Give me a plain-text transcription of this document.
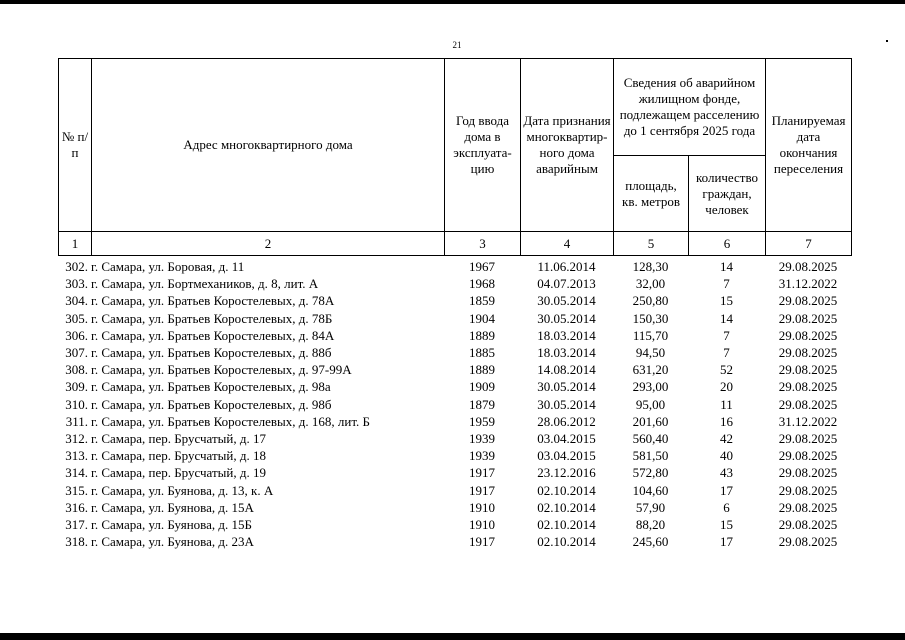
21
№ п/п	Адрес многоквартирного дома	Год ввода дома в эксплуата-цию	Дата признания многоквартир-ного дома аварийным	Сведения об аварийном жилищном фонде, подлежащем расселению до 1 сентября 2025 года		Планируемая дата окончания переселения
				площадь, кв. метров	количество граждан, человек	
1	2	3	4	5	6	7
302.	г. Самара, ул. Боровая, д. 11	1967	11.06.2014	128,30	14	29.08.2025
303.	г. Самара, ул. Бортмехаников, д. 8, лит. А	1968	04.07.2013	32,00	7	31.12.2022
304.	г. Самара, ул. Братьев Коростелевых, д. 78А	1859	30.05.2014	250,80	15	29.08.2025
305.	г. Самара, ул. Братьев Коростелевых, д. 78Б	1904	30.05.2014	150,30	14	29.08.2025
306.	г. Самара, ул. Братьев Коростелевых, д. 84А	1889	18.03.2014	115,70	7	29.08.2025
307.	г. Самара, ул. Братьев Коростелевых, д. 88б	1885	18.03.2014	94,50	7	29.08.2025
308.	г. Самара, ул. Братьев Коростелевых, д. 97-99А	1889	14.08.2014	631,20	52	29.08.2025
309.	г. Самара, ул. Братьев Коростелевых, д. 98а	1909	30.05.2014	293,00	20	29.08.2025
310.	г. Самара, ул. Братьев Коростелевых, д. 98б	1879	30.05.2014	95,00	11	29.08.2025
311.	г. Самара, ул. Братьев Коростелевых, д. 168, лит. Б	1959	28.06.2012	201,60	16	31.12.2022
312.	г. Самара, пер. Брусчатый, д. 17	1939	03.04.2015	560,40	42	29.08.2025
313.	г. Самара, пер. Брусчатый, д. 18	1939	03.04.2015	581,50	40	29.08.2025
314.	г. Самара, пер. Брусчатый, д. 19	1917	23.12.2016	572,80	43	29.08.2025
315.	г. Самара, ул. Буянова, д. 13, к. А	1917	02.10.2014	104,60	17	29.08.2025
316.	г. Самара, ул. Буянова, д. 15А	1910	02.10.2014	57,90	6	29.08.2025
317.	г. Самара, ул. Буянова, д. 15Б	1910	02.10.2014	88,20	15	29.08.2025
318.	г. Самара, ул. Буянова, д. 23А	1917	02.10.2014	245,60	17	29.08.2025
